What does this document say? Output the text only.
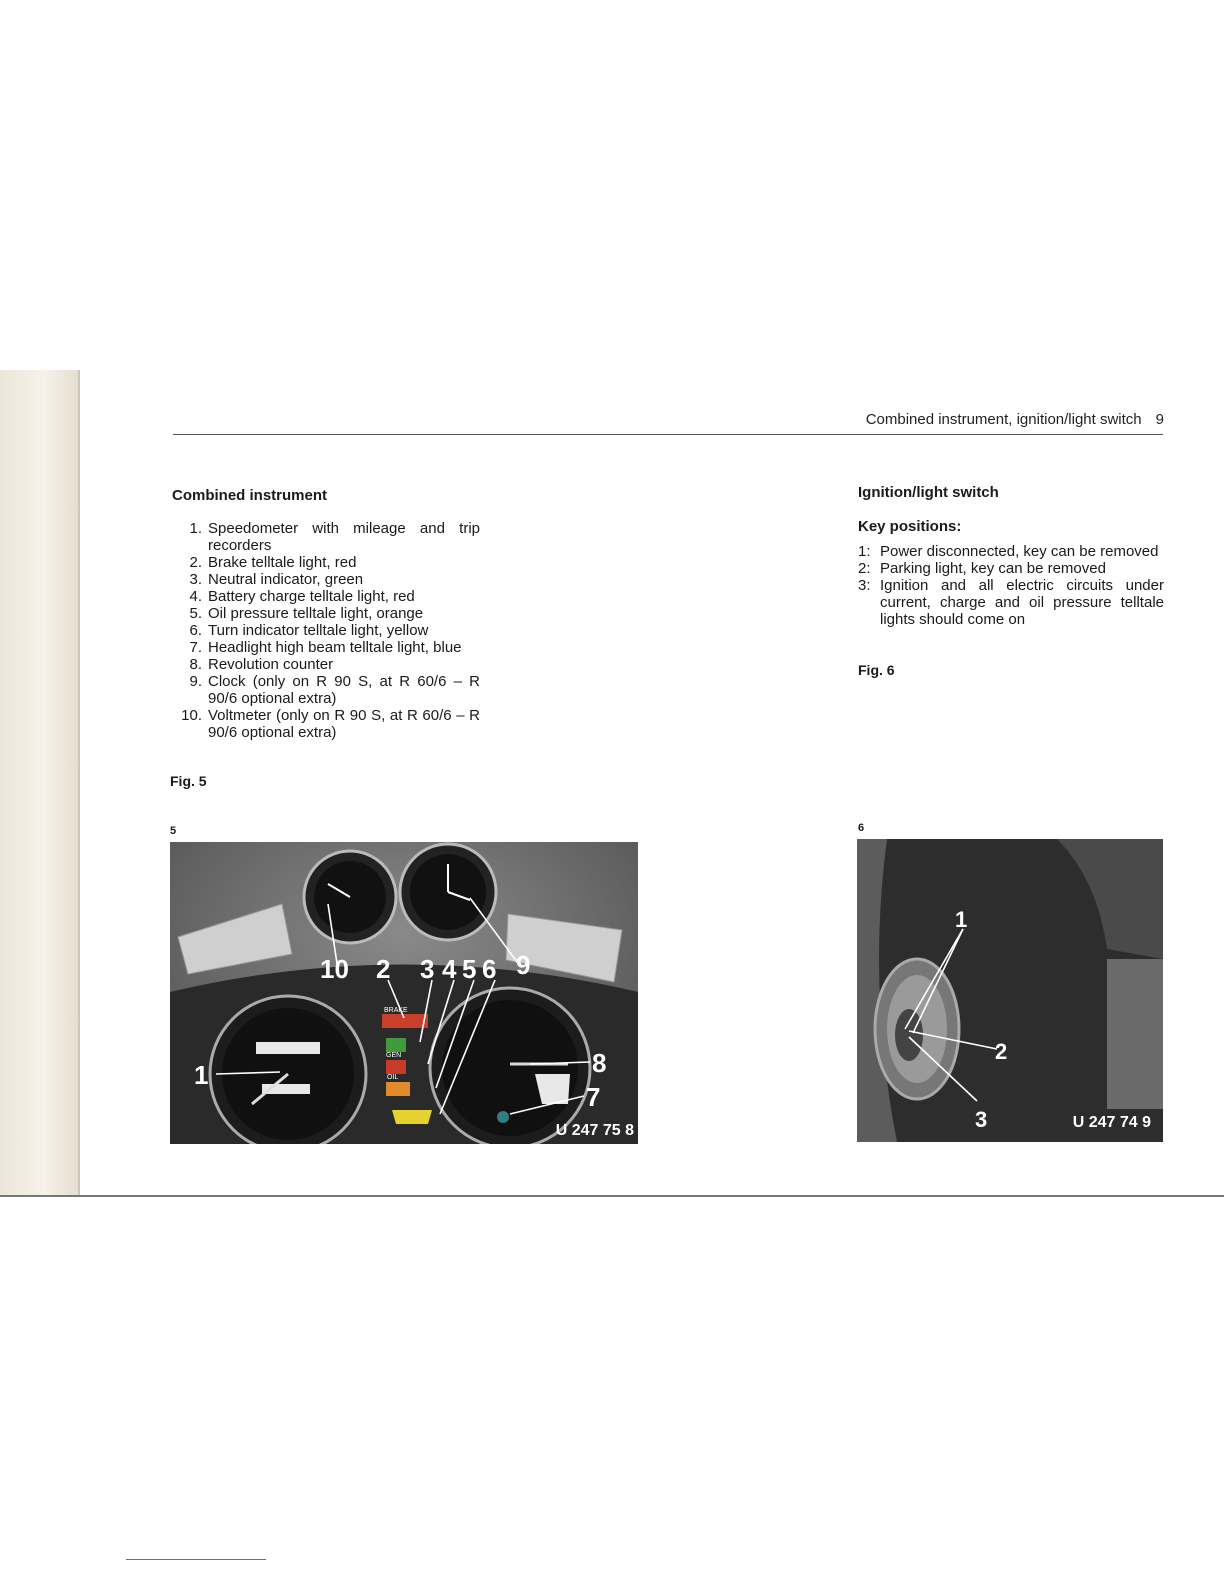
Combined instrument, ignition/light switch 9
Combined instrument
1. Speedometer with mileage and trip recorders
2. Brake telltale light, red
3. Neutral indicator, green
4. Battery charge telltale light, red
5. Oil pressure telltale light, orange
6. Turn indicator telltale light, yellow
7. Headlight high beam telltale light, blue
8. Revolution counter
9. Clock (only on R 90 S, at R 60/6 – R 90/6 optional extra)
10. Voltmeter (only on R 90 S, at R 60/6 – R 90/6 optional extra)
Fig. 5
5
10 2 3 4 5 6 9
1	8
7
BRAKE
GEN
OIL
U 247 75 8
Ignition/light switch
Key positions:
1: Power disconnected, key can be removed
2: Parking light, key can be removed
3: Ignition and all electric circuits under current, charge and oil pressure telltale lights should come on
Fig. 6
6
1
2
3	U 247 74 9
